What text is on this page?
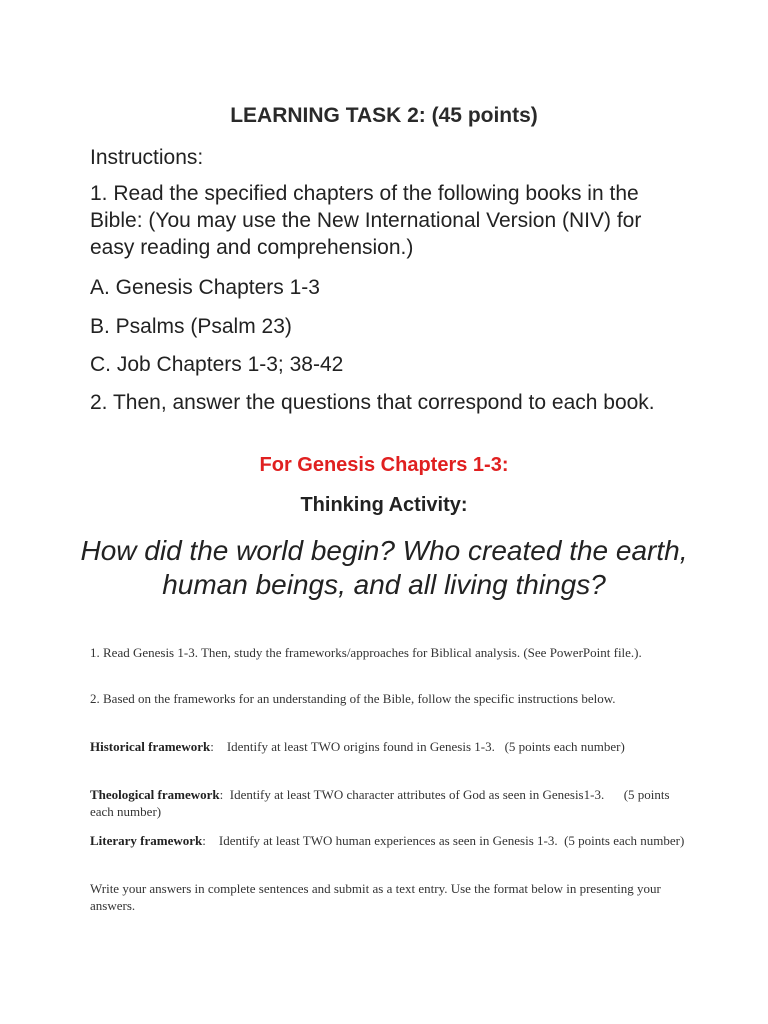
LEARNING TASK 2: (45 points)
Instructions:
1. Read the specified chapters of the following books in the Bible: (You may use the New International Version (NIV) for easy reading and comprehension.)
A. Genesis Chapters 1-3
B. Psalms (Psalm 23)
C. Job Chapters 1-3; 38-42
2. Then, answer the questions that correspond to each book.
For Genesis Chapters 1-3:
Thinking Activity:
How did the world begin? Who created the earth, human beings, and all living things?
1. Read Genesis 1-3. Then, study the frameworks/approaches for Biblical analysis. (See PowerPoint file.).
2. Based on the frameworks for an understanding of the Bible, follow the specific instructions below.
Historical framework:    Identify at least TWO origins found in Genesis 1-3.   (5 points each number)
Theological framework:  Identify at least TWO character attributes of God as seen in Genesis1-3.      (5 points each number)
Literary framework:    Identify at least TWO human experiences as seen in Genesis 1-3.  (5 points each number)
Write your answers in complete sentences and submit as a text entry. Use the format below in presenting your answers.
